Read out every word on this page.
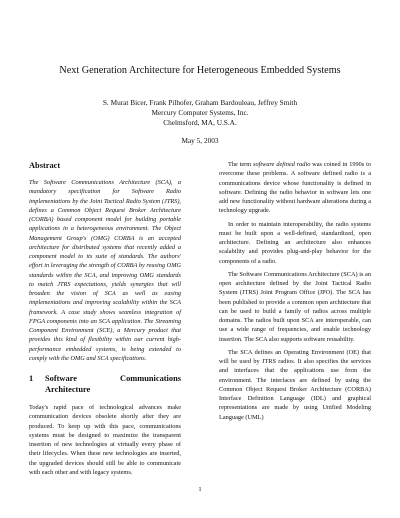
Next Generation Architecture for Heterogeneous Embedded Systems
S. Murat Bicer, Frank Pilhofer, Graham Bardouleau, Jeffrey Smith
Mercury Computer Systems, Inc.
Chelmsford, MA, U.S.A.
May 5, 2003
Abstract

The Software Communications Architecture (SCA), a mandatory specification for Software Radio implementations by the Joint Tactical Radio System (JTRS), defines a Common Object Request Broker Architecture (CORBA) based component model for building portable applications in a heterogeneous environment. The Object Management Group's (OMG) CORBA is an accepted architecture for distributed systems that recently added a component model to its suite of standards. The authors' effort in leveraging the strength of CORBA by reusing OMG standards within the SCA, and improving OMG standards to match JTRS expectations, yields synergies that will broaden the vision of SCA as well as easing implementations and improving scalability within the SCA framework. A case study shows seamless integration of FPGA components into an SCA application. The Streaming Component Environment (SCE), a Mercury product that provides this kind of flexibility within our current high-performance embedded systems, is being extended to comply with the OMG and SCA specifications.

1	Software Communications Architecture

Today's rapid pace of technological advances make communication devices obsolete shortly after they are produced. To keep up with this pace, communications systems must be designed to maximize the transparent insertion of new technologies at virtually every phase of their lifecycles. When these new technologies are inserted, the upgraded devices should still be able to communicate with each other and with legacy systems.

The term software defined radio was coined in 1990s to overcome these problems. A software defined radio is a communications device whose functionality is defined in software. Defining the radio behavior in software lets one add new functionality without hardware alterations during a technology upgrade.

In order to maintain interoperability, the radio systems must be built upon a well-defined, standardized, open architecture. Defining an architecture also enhances scalability and provides plug-and-play behavior for the components of a radio.

The Software Communications Architecture (SCA) is an open architecture defined by the Joint Tactical Radio System (JTRS) Joint Program Office (JPO). The SCA has been published to provide a common open architecture that can be used to build a family of radios across multiple domains. The radios built upon SCA are interoperable, can use a wide range of frequencies, and enable technology insertion. The SCA also supports software reusability.

The SCA defines an Operating Environment (OE) that will be used by JTRS radios. It also specifies the services and interfaces that the applications use from the environment. The interfaces are defined by using the Common Object Request Broker Architecture (CORBA) Interface Definition Language (IDL) and graphical representations are made by using Unified Modeling Language (UML)

1
